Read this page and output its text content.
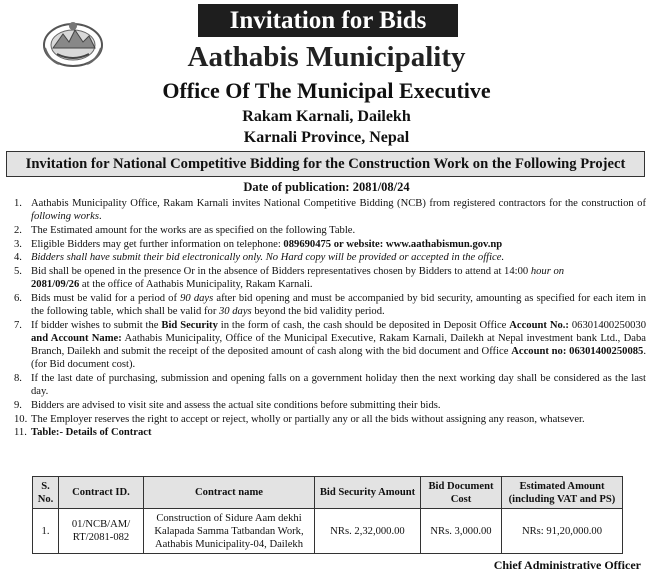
Invitation for Bids
Aathabis Municipality
Office Of The Municipal Executive
Rakam Karnali, Dailekh
Karnali Province, Nepal
Invitation for National Competitive Bidding for the Construction Work on the Following Project
Date of publication: 2081/08/24
1. Aathabis Municipality Office, Rakam Karnali invites National Competitive Bidding (NCB) from registered contractors for the construction of following works.
2. The Estimated amount for the works are as specified on the following Table.
3. Eligible Bidders may get further information on telephone: 089690475 or website: www.aathabismun.gov.np
4. Bidders shall have submit their bid electronically only. No Hard copy will be provided or accepted in the office.
5. Bid shall be opened in the presence Or in the absence of Bidders representatives chosen by Bidders to attend at 14:00 hour on
2081/09/26 at the office of Aathabis Municipality, Rakam Karnali.
6. Bids must be valid for a period of 90 days after bid opening and must be accompanied by bid security, amounting as specified for each item in the following table, which shall be valid for 30 days beyond the bid validity period.
7. If bidder wishes to submit the Bid Security in the form of cash, the cash should be deposited in Deposit Office Account No.: 06301400250030 and Account Name: Aathabis Municipality, Office of the Municipal Executive, Rakam Karnali, Dailekh at Nepal investment bank Ltd., Daba Branch, Dailekh and submit the receipt of the deposited amount of cash along with the bid document and Office Account no: 06301400250085.(for Bid document cost).
8. If the last date of purchasing, submission and opening falls on a government holiday then the next working day shall be considered as the last day.
9. Bidders are advised to visit site and assess the actual site conditions before submitting their bids.
10. The Employer reserves the right to accept or reject, wholly or partially any or all the bids without assigning any reason, whatsever.
11. Table:- Details of Contract
S. No.	Contract ID.	Contract name	Bid Security Amount	Bid Document Cost	Estimated Amount (including VAT and PS)
1.	01/NCB/AM/ RT/2081-082	Construction of Sidure Aam dekhi Kalapada Samma Tatbandan Work, Aathabis Municipality-04, Dailekh	NRs. 2,32,000.00	NRs. 3,000.00	NRs: 91,20,000.00
Chief Administrative Officer
